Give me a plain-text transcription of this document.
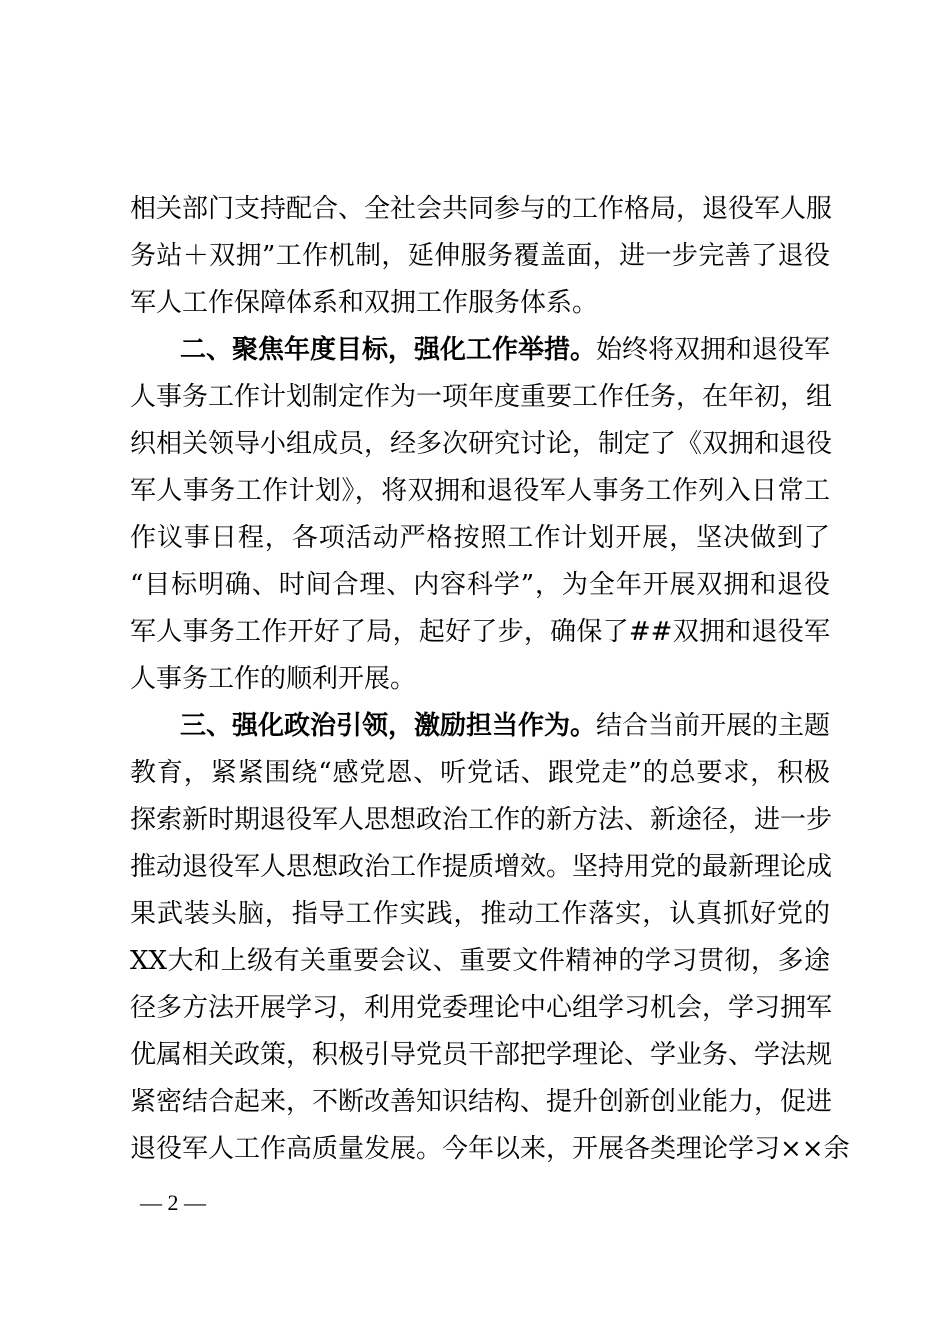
相关部门支持配合、全社会共同参与的工作格局，退役军人服
务站＋双拥”工作机制，延伸服务覆盖面，进一步完善了退役
军人工作保障体系和双拥工作服务体系。
二、聚焦年度目标，强化工作举措。始终将双拥和退役军
人事务工作计划制定作为一项年度重要工作任务，在年初，组
织相关领导小组成员，经多次研究讨论，制定了《双拥和退役
军人事务工作计划》，将双拥和退役军人事务工作列入日常工
作议事日程，各项活动严格按照工作计划开展，坚决做到了
“目标明确、时间合理、内容科学”，为全年开展双拥和退役
军人事务工作开好了局，起好了步，确保了##双拥和退役军
人事务工作的顺利开展。
三、强化政治引领，激励担当作为。结合当前开展的主题
教育，紧紧围绕“感党恩、听党话、跟党走”的总要求，积极
探索新时期退役军人思想政治工作的新方法、新途径，进一步
推动退役军人思想政治工作提质增效。坚持用党的最新理论成
果武装头脑，指导工作实践，推动工作落实，认真抓好党的
XX大和上级有关重要会议、重要文件精神的学习贯彻，多途
径多方法开展学习，利用党委理论中心组学习机会，学习拥军
优属相关政策，积极引导党员干部把学理论、学业务、学法规
紧密结合起来，不断改善知识结构、提升创新创业能力，促进
退役军人工作高质量发展。今年以来，开展各类理论学习××余
— 2 —
